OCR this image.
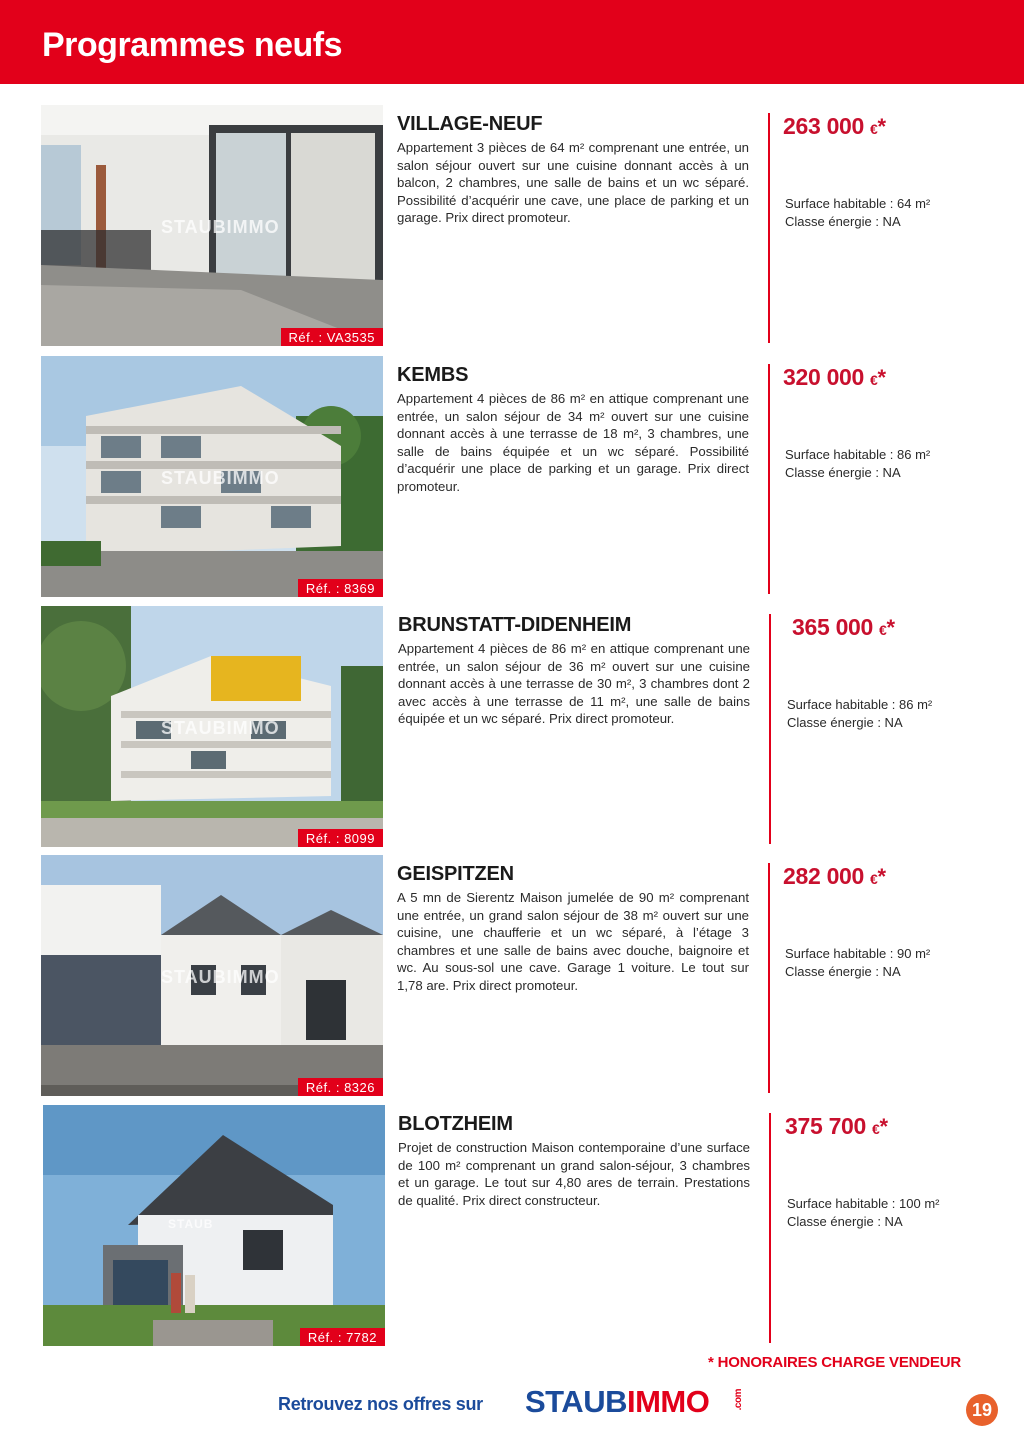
Programmes neufs
STAUBIMMO
Réf. : VA3535
VILLAGE-NEUF

Appartement 3 pièces de 64 m² comprenant une entrée, un salon séjour ouvert sur une cuisine donnant accès à un balcon, 2 chambres, une salle de bains et un wc séparé. Possibilité d’acquérir une cave, une place de parking et un garage. Prix direct promoteur.

263 000 €*
Surface habitable : 64 m²
Classe énergie : NA
STAUBIMMO
Réf. : 8369
KEMBS

Appartement 4 pièces de 86 m² en attique comprenant une entrée, un salon séjour de 34 m² ouvert sur une cuisine donnant accès à une terrasse de 18 m², 3 chambres, une salle de bains équipée et un wc séparé. Possibilité d’acquérir une place de parking et un garage. Prix direct promoteur.

320 000 €*
Surface habitable : 86 m²
Classe énergie : NA
STAUBIMMO
Réf. : 8099
BRUNSTATT-DIDENHEIM

Appartement 4 pièces de 86 m² en attique comprenant une entrée, un salon séjour de 36 m² ouvert sur une cuisine donnant accès à une terrasse de 30 m², 3 chambres dont 2 avec accès à une terrasse de 11 m², une salle de bains équipée et un wc séparé. Prix direct promoteur.

365 000 €*
Surface habitable : 86 m²
Classe énergie : NA
STAUBIMMO
Réf. : 8326
GEISPITZEN

A 5 mn de Sierentz Maison jumelée de 90 m² comprenant une entrée, un grand salon séjour de 38 m² ouvert sur une cuisine, une chaufferie et un wc séparé, à l’étage 3 chambres et une salle de bains avec douche, baignoire et wc. Au sous-sol une cave. Garage 1 voiture. Le tout sur 1,78 are. Prix direct promoteur.

282 000 €*
Surface habitable : 90 m²
Classe énergie : NA
STAUB
Réf. : 7782
BLOTZHEIM

Projet de construction Maison contemporaine d’une surface de 100 m² comprenant un grand salon-séjour, 3 chambres et un garage. Le tout sur 4,80 ares de terrain. Prestations de qualité. Prix direct constructeur.

375 700 €*
Surface habitable : 100 m²
Classe énergie : NA
* HONORAIRES CHARGE VENDEUR
Retrouvez nos offres sur STAUBIMMO .com	19
